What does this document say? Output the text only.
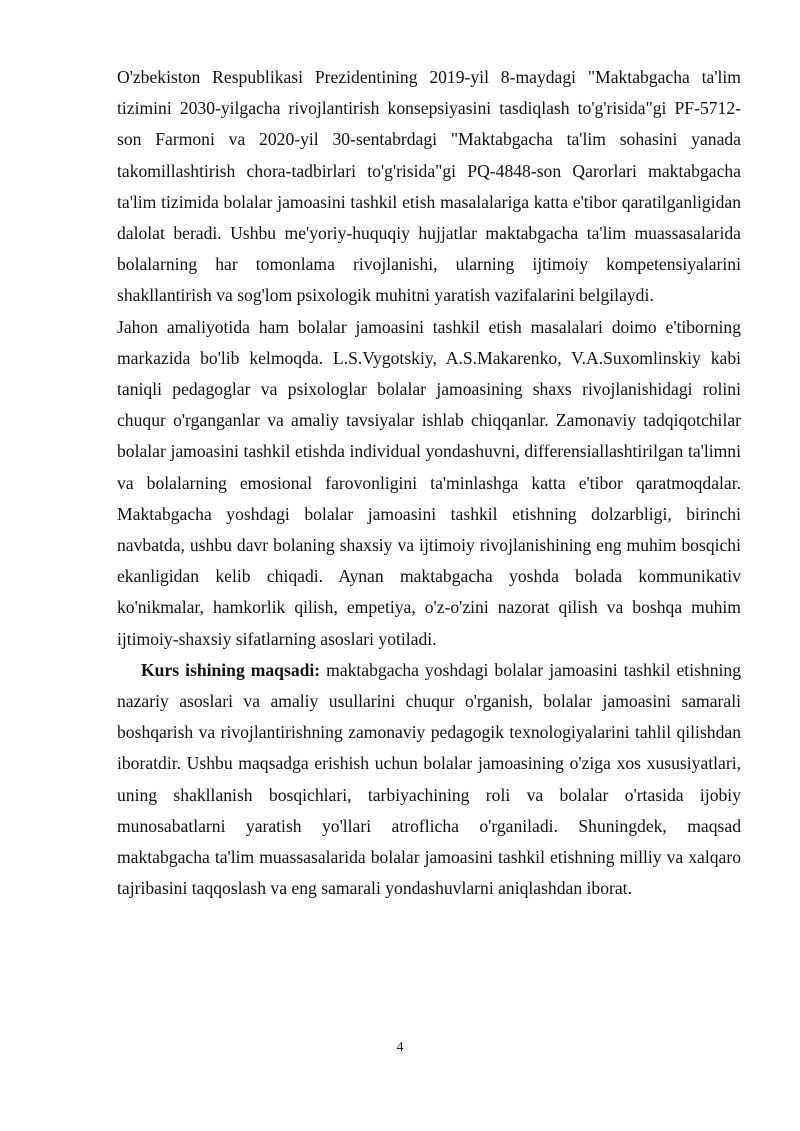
O'zbekiston Respublikasi Prezidentining 2019-yil 8-maydagi "Maktabgacha ta'lim tizimini 2030-yilgacha rivojlantirish konsepsiyasini tasdiqlash to'g'risida"gi PF-5712-son Farmoni va 2020-yil 30-sentabrdagi "Maktabgacha ta'lim sohasini yanada takomillashtirish chora-tadbirlari to'g'risida"gi PQ-4848-son Qarorlari maktabgacha ta'lim tizimida bolalar jamoasini tashkil etish masalalariga katta e'tibor qaratilganligidan dalolat beradi. Ushbu me'yoriy-huquqiy hujjatlar maktabgacha ta'lim muassasalarida bolalarning har tomonlama rivojlanishi, ularning ijtimoiy kompetensiyalarini shakllantirish va sog'lom psixologik muhitni yaratish vazifalarini belgilaydi.

Jahon amaliyotida ham bolalar jamoasini tashkil etish masalalari doimo e'tiborning markazida bo'lib kelmoqda. L.S.Vygotskiy, A.S.Makarenko, V.A.Suxomlinskiy kabi taniqli pedagoglar va psixologlar bolalar jamoasining shaxs rivojlanishidagi rolini chuqur o'rganganlar va amaliy tavsiyalar ishlab chiqqanlar. Zamonaviy tadqiqotchilar bolalar jamoasini tashkil etishda individual yondashuvni, differensiallashtirilgan ta'limni va bolalarning emosional farovonligini ta'minlashga katta e'tibor qaratmoqdalar. Maktabgacha yoshdagi bolalar jamoasini tashkil etishning dolzarbligi, birinchi navbatda, ushbu davr bolaning shaxsiy va ijtimoiy rivojlanishining eng muhim bosqichi ekanligidan kelib chiqadi. Aynan maktabgacha yoshda bolada kommunikativ ko'nikmalar, hamkorlik qilish, empetiya, o'z-o'zini nazorat qilish va boshqa muhim ijtimoiy-shaxsiy sifatlarning asoslari yotiladi.

Kurs ishining maqsadi: maktabgacha yoshdagi bolalar jamoasini tashkil etishning nazariy asoslari va amaliy usullarini chuqur o'rganish, bolalar jamoasini samarali boshqarish va rivojlantirishning zamonaviy pedagogik texnologiyalarini tahlil qilishdan iboratdir. Ushbu maqsadga erishish uchun bolalar jamoasining o'ziga xos xususiyatlari, uning shakllanish bosqichlari, tarbiyachining roli va bolalar o'rtasida ijobiy munosabatlarni yaratish yo'llari atroflicha o'rganiladi. Shuningdek, maqsad maktabgacha ta'lim muassasalarida bolalar jamoasini tashkil etishning milliy va xalqaro tajribasini taqqoslash va eng samarali yondashuvlarni aniqlashdan iborat.

4
